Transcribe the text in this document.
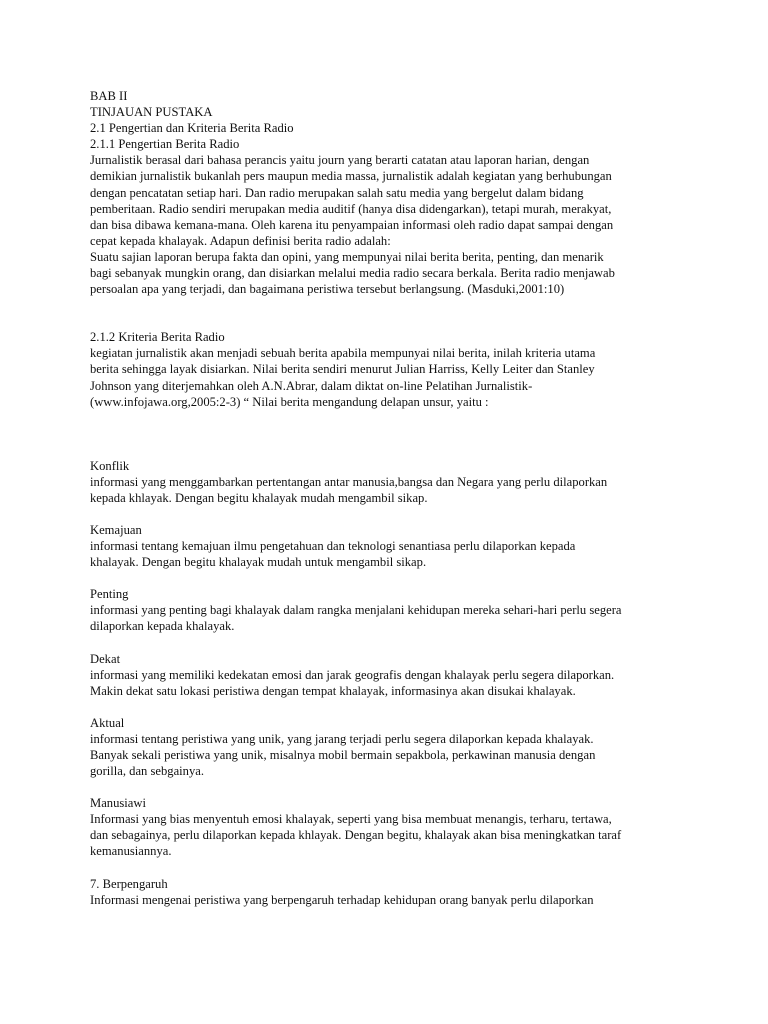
BAB II
TINJAUAN PUSTAKA
2.1 Pengertian dan Kriteria Berita Radio
2.1.1 Pengertian Berita Radio
Jurnalistik berasal dari bahasa perancis yaitu journ yang berarti catatan atau laporan harian, dengan
demikian jurnalistik bukanlah pers maupun media massa, jurnalistik adalah kegiatan yang berhubungan
dengan pencatatan setiap hari. Dan radio merupakan salah satu media yang bergelut dalam bidang
pemberitaan. Radio sendiri merupakan media auditif (hanya disa didengarkan), tetapi murah, merakyat,
dan bisa dibawa kemana-mana. Oleh karena itu penyampaian informasi oleh radio dapat sampai dengan
cepat kepada khalayak. Adapun definisi berita radio adalah:
Suatu sajian laporan berupa fakta dan opini, yang mempunyai nilai berita berita, penting, dan menarik
bagi sebanyak mungkin orang, dan disiarkan melalui media radio secara berkala. Berita radio menjawab
persoalan apa yang terjadi, dan bagaimana peristiwa tersebut berlangsung. (Masduki,2001:10)
2.1.2 Kriteria Berita Radio
kegiatan jurnalistik akan menjadi sebuah berita apabila mempunyai nilai berita, inilah kriteria utama
berita sehingga layak disiarkan. Nilai berita sendiri menurut Julian Harriss, Kelly Leiter dan Stanley
Johnson yang diterjemahkan oleh A.N.Abrar, dalam diktat on-line Pelatihan Jurnalistik-
(www.infojawa.org,2005:2-3) “ Nilai berita mengandung delapan unsur, yaitu :
Konflik
informasi yang menggambarkan pertentangan antar manusia,bangsa dan Negara yang perlu dilaporkan
kepada khlayak. Dengan begitu khalayak mudah mengambil sikap.
Kemajuan
informasi tentang kemajuan ilmu pengetahuan dan teknologi senantiasa perlu dilaporkan kepada
khalayak. Dengan begitu khalayak mudah untuk mengambil sikap.
Penting
informasi yang penting bagi khalayak dalam rangka menjalani kehidupan mereka sehari-hari perlu segera
dilaporkan kepada khalayak.
Dekat
informasi yang memiliki kedekatan emosi dan jarak geografis dengan khalayak perlu segera dilaporkan.
Makin dekat satu lokasi peristiwa dengan tempat khalayak, informasinya akan disukai khalayak.
Aktual
informasi tentang peristiwa yang unik, yang jarang terjadi perlu segera dilaporkan kepada khalayak.
Banyak sekali peristiwa yang unik, misalnya mobil bermain sepakbola, perkawinan manusia dengan
gorilla, dan sebgainya.
Manusiawi
Informasi yang bias menyentuh emosi khalayak, seperti yang bisa membuat menangis, terharu, tertawa,
dan sebagainya, perlu dilaporkan kepada khlayak. Dengan begitu, khalayak akan bisa meningkatkan taraf
kemanusiannya.
7. Berpengaruh
Informasi mengenai peristiwa yang berpengaruh terhadap kehidupan orang banyak perlu dilaporkan
